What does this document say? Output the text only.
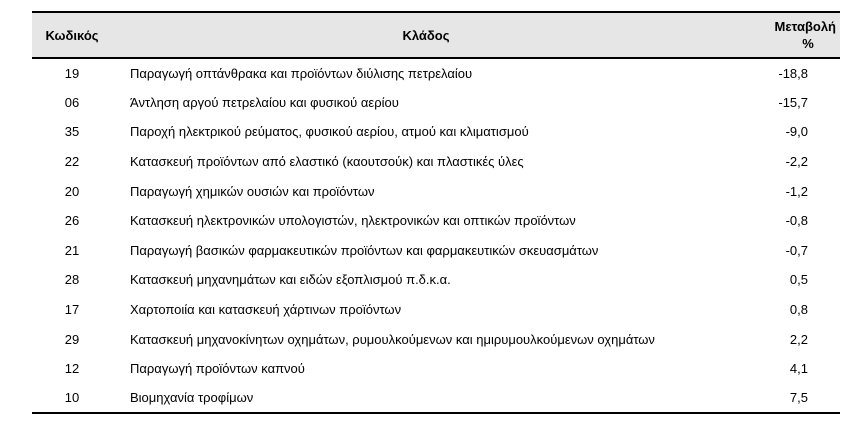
Κωδικός	Κλάδος	Μεταβολή
%

19	Παραγωγή οπτάνθρακα και προϊόντων διύλισης πετρελαίου	-18,8
06	Άντληση αργού πετρελαίου και φυσικού αερίου	-15,7
35	Παροχή ηλεκτρικού ρεύματος, φυσικού αερίου, ατμού και κλιματισμού	-9,0
22	Κατασκευή προϊόντων από ελαστικό (καουτσούκ) και πλαστικές ύλες	-2,2
20	Παραγωγή χημικών ουσιών και προϊόντων	-1,2
26	Κατασκευή ηλεκτρονικών υπολογιστών, ηλεκτρονικών και οπτικών προϊόντων	-0,8
21	Παραγωγή βασικών φαρμακευτικών προϊόντων και φαρμακευτικών σκευασμάτων	-0,7
28	Κατασκευή μηχανημάτων και ειδών εξοπλισμού π.δ.κ.α.	0,5
17	Χαρτοποιία και κατασκευή χάρτινων προϊόντων	0,8
29	Κατασκευή μηχανοκίνητων οχημάτων, ρυμουλκούμενων και ημιρυμουλκούμενων οχημάτων	2,2
12	Παραγωγή προϊόντων καπνού	4,1
10	Βιομηχανία τροφίμων	7,5
